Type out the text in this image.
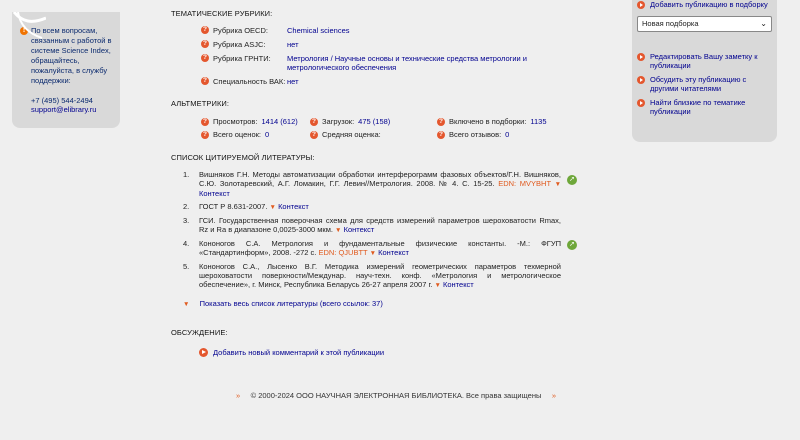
! По всем вопросам, связанным с работой в системе Science Index, обращайтесь, пожалуйста, в службу поддержки:
+7 (495) 544-2494
support@elibrary.ru
Добавить публикацию в подборку
Новая подборка	⌄
Редактировать Вашу заметку к публикации
Обсудить эту публикацию с другими читателями
Найти близкие по тематике публикации
ТЕМАТИЧЕСКИЕ РУБРИКИ:
? Рубрика OECD:	Chemical sciences
? Рубрика ASJC:	нет
? Рубрика ГРНТИ: Метрология / Научные основы и технические средства метрологии и метрологического обеспечения
? Специальность ВАК: нет
АЛЬТМЕТРИКИ:
? Просмотров: 1414 (612)	? Загрузок: 475 (158)	? Включено в подборки: 1135
? Всего оценок: 0	? Средняя оценка:	? Всего отзывов: 0
СПИСОК ЦИТИРУЕМОЙ ЛИТЕРАТУРЫ:
1.	Вишняков Г.Н. Методы автоматизации обработки интерферограмм фазовых объектов/Г.Н. Вишняков, С.Ю. Золотаревский, А.Г. Ломакин, Г.Г. Левин//Метрология. 2008. № 4. С. 15-25. EDN: MVYBHT ▼ Контекст
2.	ГОСТ Р 8.631-2007. ▼ Контекст
3.	ГСИ. Государственная поверочная схема для средств измерений параметров шероховатости Rmax, Rz и Ra в диапазоне 0,0025-3000 мкм. ▼ Контекст
4.	Кононогов С.А. Метрология и фундаментальные физические константы. -М.: ФГУП «Стандартинформ», 2008. -272 с. EDN: QJUBTT ▼ Контекст
5.	Кононогов С.А., Лысенко В.Г. Методика измерений геометрических параметров техмерной шероховатости поверхности/Междунар. науч-техн. конф. «Метрология и метрологическое обеспечение», г. Минск, Республика Беларусь 26-27 апреля 2007 г. ▼ Контекст
➚
➚
▼ Показать весь список литературы (всего ссылок: 37)
ОБСУЖДЕНИЕ:
Добавить новый комментарий к этой публикации
» © 2000-2024 ООО НАУЧНАЯ ЭЛЕКТРОННАЯ БИБЛИОТЕКА. Все права защищены »
